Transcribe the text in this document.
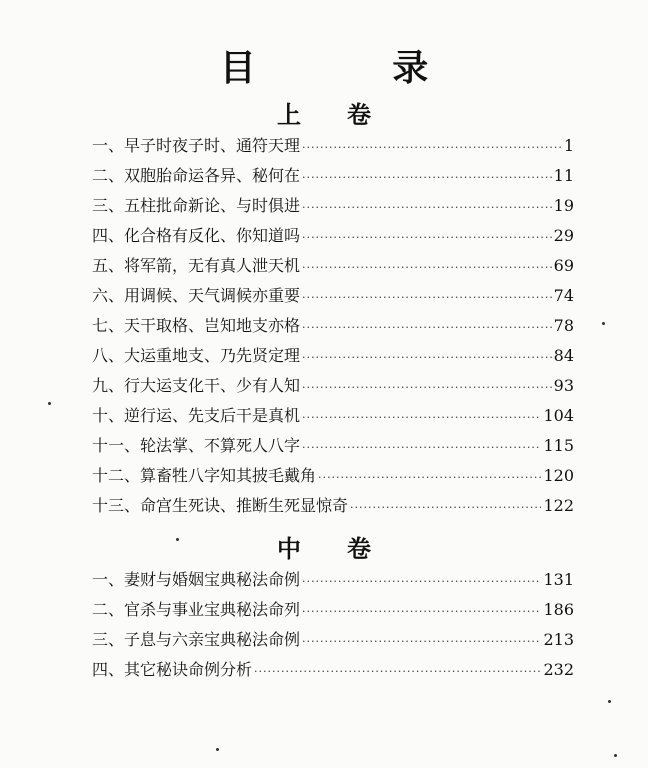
目 录
上卷
一、早子时夜子时、通符天理 ·····	1
二、双胞胎命运各异、秘何在 ·····	11
三、五柱批命新论、与时俱进 ·····	19
四、化合格有反化、你知道吗 ·····	29
五、将军箭，无有真人泄天机 ·····	69
六、用调候、天气调候亦重要 ·····	74
七、天干取格、岂知地支亦格 ·····	78
八、大运重地支、乃先贤定理 ·····	84
九、行大运支化干、少有人知 ·····	93
十、逆行运、先支后干是真机 ·····	104
十一、轮法掌、不算死人八字 ·····	115
十二、算畜牲八字知其披毛戴角 ·····	120
十三、命宫生死诀、推断生死显惊奇 ·····	122
中卷
一、妻财与婚姻宝典秘法命例 ·····	131
二、官杀与事业宝典秘法命列 ·····	186
三、子息与六亲宝典秘法命例 ·····	213
四、其它秘诀命例分析 ·····	232
